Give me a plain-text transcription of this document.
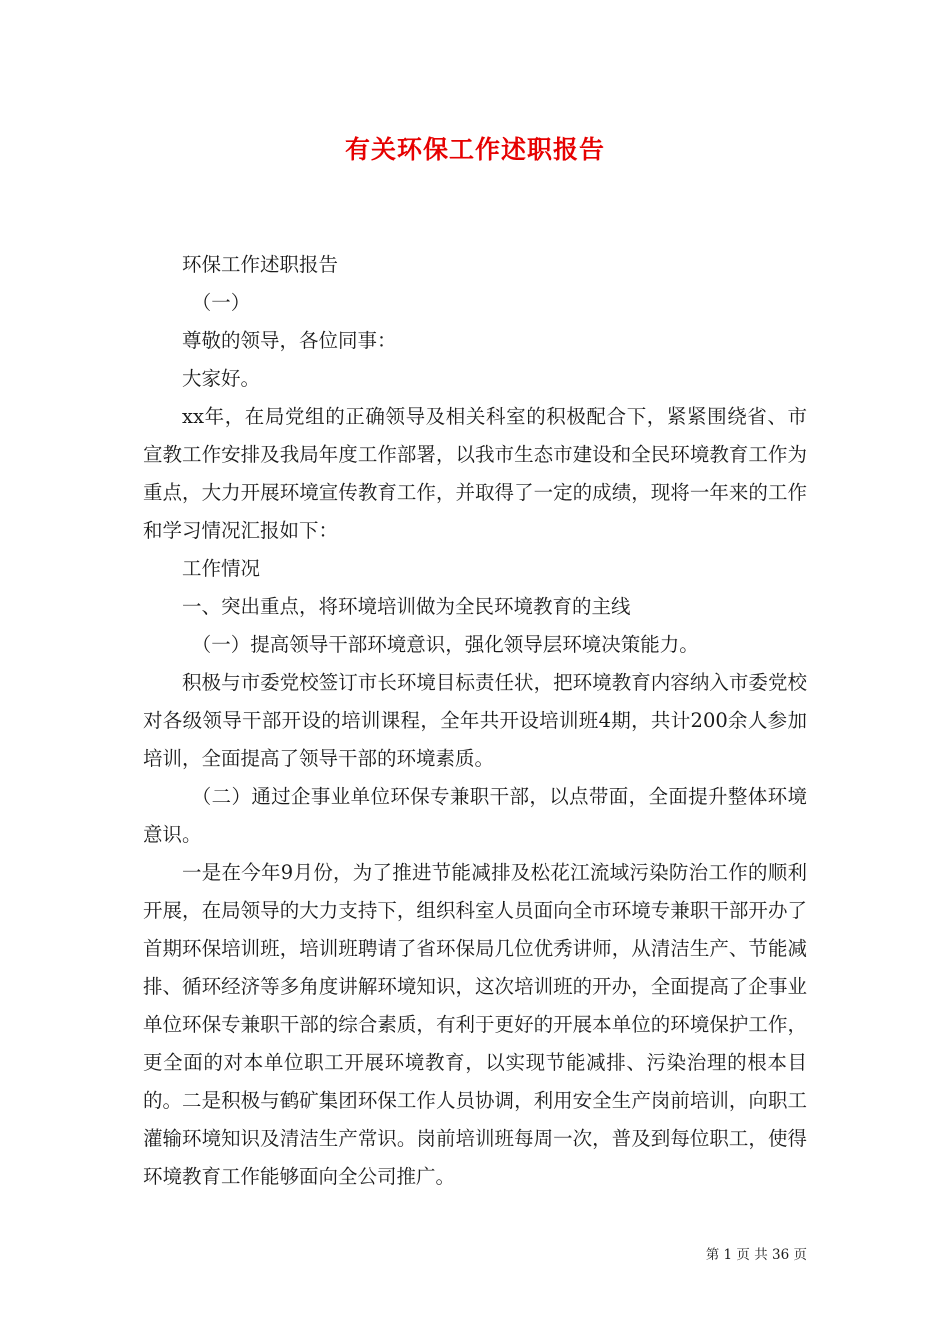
有关环保工作述职报告

环保工作述职报告

（一）

尊敬的领导，各位同事：

大家好。

xx年，在局党组的正确领导及相关科室的积极配合下，紧紧围绕省、市宣教工作安排及我局年度工作部署，以我市生态市建设和全民环境教育工作为重点，大力开展环境宣传教育工作，并取得了一定的成绩，现将一年来的工作和学习情况汇报如下：

工作情况

一、突出重点，将环境培训做为全民环境教育的主线

（一）提高领导干部环境意识，强化领导层环境决策能力。

积极与市委党校签订市长环境目标责任状，把环境教育内容纳入市委党校对各级领导干部开设的培训课程，全年共开设培训班4期，共计200余人参加培训，全面提高了领导干部的环境素质。

（二）通过企事业单位环保专兼职干部，以点带面，全面提升整体环境意识。

一是在今年9月份，为了推进节能减排及松花江流域污染防治工作的顺利开展，在局领导的大力支持下，组织科室人员面向全市环境专兼职干部开办了首期环保培训班，培训班聘请了省环保局几位优秀讲师，从清洁生产、节能减排、循环经济等多角度讲解环境知识，这次培训班的开办，全面提高了企事业单位环保专兼职干部的综合素质，有利于更好的开展本单位的环境保护工作，更全面的对本单位职工开展环境教育，以实现节能减排、污染治理的根本目的。二是积极与鹤矿集团环保工作人员协调，利用安全生产岗前培训，向职工灌输环境知识及清洁生产常识。岗前培训班每周一次，普及到每位职工，使得环境教育工作能够面向全公司推广。

第 1 页 共 36 页
